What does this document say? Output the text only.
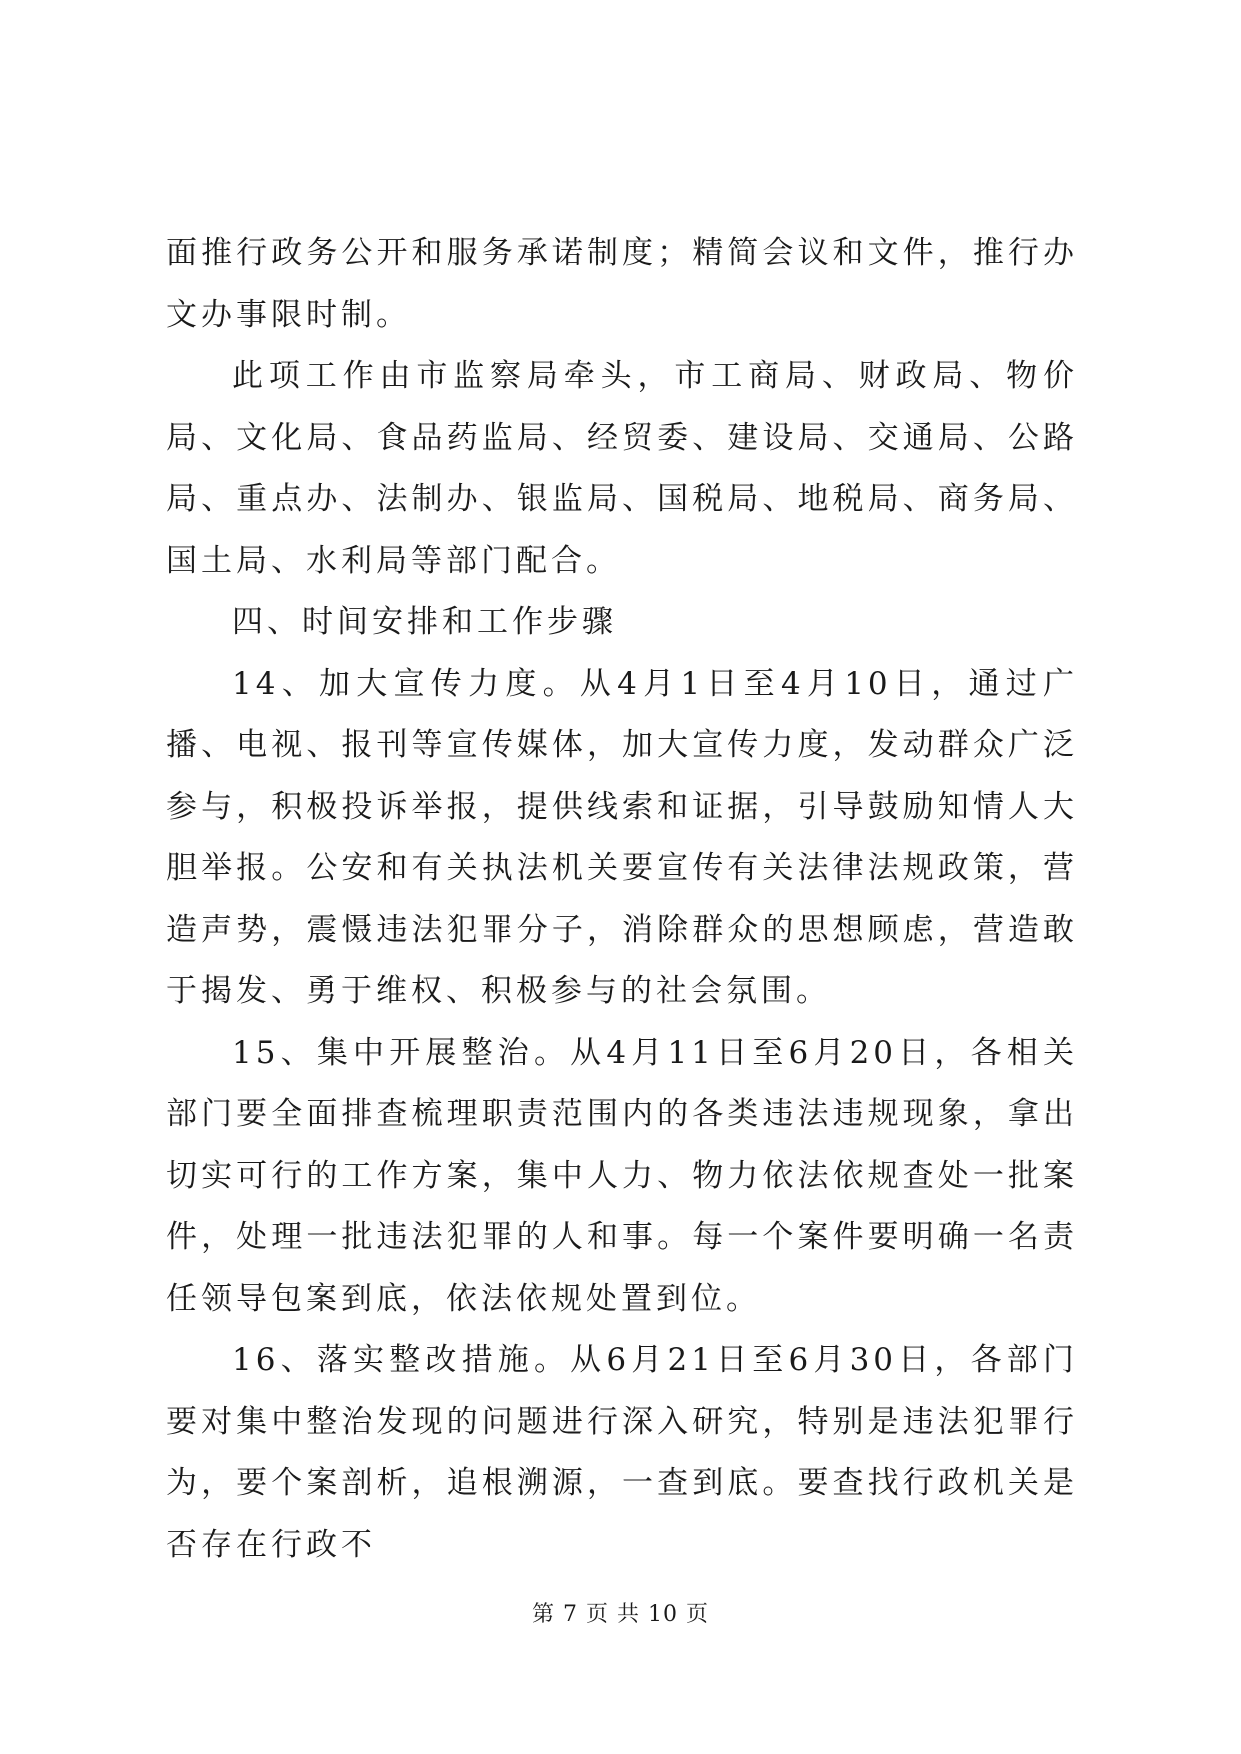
面推行政务公开和服务承诺制度；精简会议和文件，推行办文办事限时制。

此项工作由市监察局牵头，市工商局、财政局、物价局、文化局、食品药监局、经贸委、建设局、交通局、公路局、重点办、法制办、银监局、国税局、地税局、商务局、国土局、水利局等部门配合。

四、时间安排和工作步骤

14、加大宣传力度。从4月1日至4月10日，通过广播、电视、报刊等宣传媒体，加大宣传力度，发动群众广泛参与，积极投诉举报，提供线索和证据，引导鼓励知情人大胆举报。公安和有关执法机关要宣传有关法律法规政策，营造声势，震慑违法犯罪分子，消除群众的思想顾虑，营造敢于揭发、勇于维权、积极参与的社会氛围。

15、集中开展整治。从4月11日至6月20日，各相关部门要全面排查梳理职责范围内的各类违法违规现象，拿出切实可行的工作方案，集中人力、物力依法依规查处一批案件，处理一批违法犯罪的人和事。每一个案件要明确一名责任领导包案到底，依法依规处置到位。

16、落实整改措施。从6月21日至6月30日，各部门要对集中整治发现的问题进行深入研究，特别是违法犯罪行为，要个案剖析，追根溯源，一查到底。要查找行政机关是否存在行政不

第 7 页 共 10 页
